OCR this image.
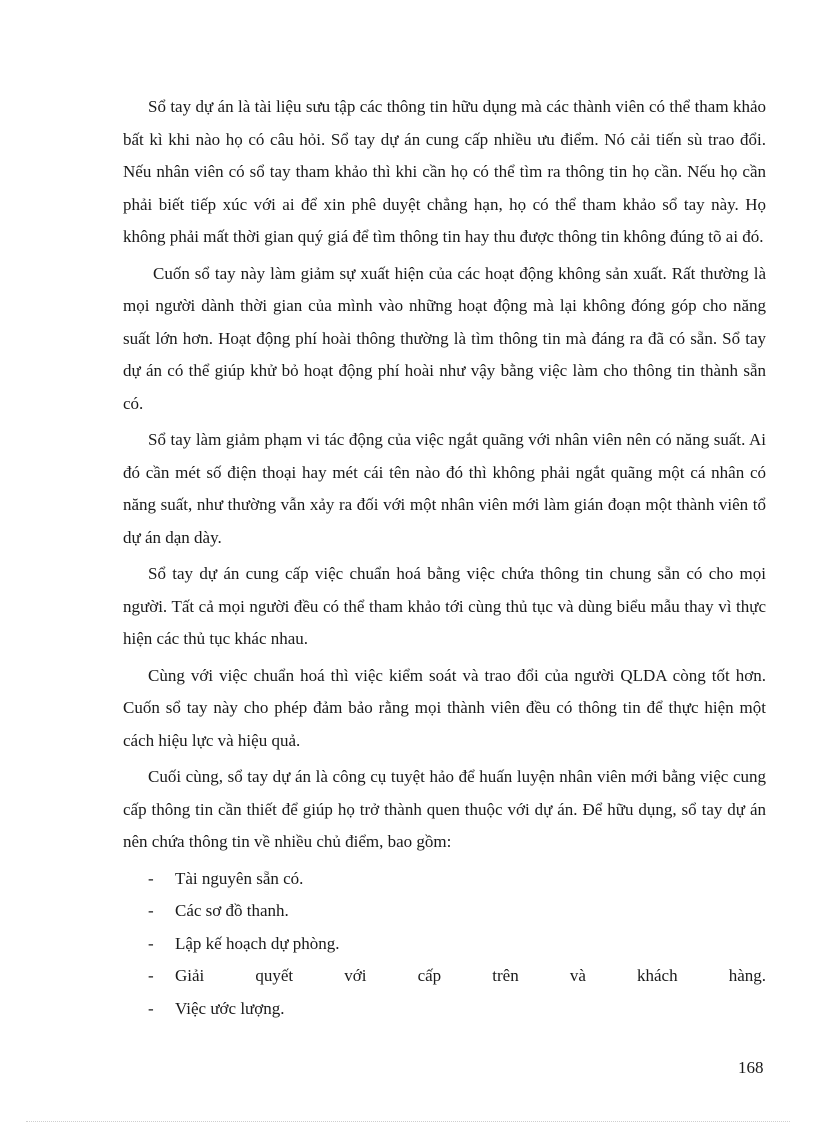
Sổ tay dự án là tài liệu sưu tập các thông tin hữu dụng mà các thành viên có thể tham khảo bất kì khi nào họ có câu hỏi. Sổ tay dự án cung cấp nhiều ưu điểm. Nó cải tiến sù trao đổi. Nếu nhân viên có sổ tay tham khảo thì khi cần họ có thể tìm ra thông tin họ cần. Nếu họ cần phải biết tiếp xúc với ai để xin phê duyệt chẳng hạn, họ có thể tham khảo sổ tay này. Họ không phải mất thời gian quý giá để tìm thông tin hay thu được thông tin không đúng tõ ai đó.

Cuốn sổ tay này làm giảm sự xuất hiện của các hoạt động không sản xuất. Rất thường là mọi người dành thời gian của mình vào những hoạt động mà lại không đóng góp cho năng suất lớn hơn. Hoạt động phí hoài thông thường là tìm thông tin mà đáng ra đã có sẵn. Sổ tay dự án có thể giúp khử bỏ hoạt động phí hoài như vậy bằng việc làm cho thông tin thành sẵn có.

Sổ tay làm giảm phạm vi tác động của việc ngắt quãng với nhân viên nên có năng suất. Ai đó cần mét số điện thoại hay mét cái tên nào đó thì không phải ngắt quãng một cá nhân có năng suất, như thường vẫn xảy ra đối với một nhân viên mới làm gián đoạn một thành viên tổ dự án dạn dày.

Sổ tay dự án cung cấp việc chuẩn hoá bằng việc chứa thông tin chung sẵn có cho mọi người. Tất cả mọi người đều có thể tham khảo tới cùng thủ tục và dùng biểu mẫu thay vì thực hiện các thủ tục khác nhau.

Cùng với việc chuẩn hoá thì việc kiểm soát và trao đổi của người QLDA còng tốt hơn. Cuốn sổ tay này cho phép đảm bảo rằng mọi thành viên đều có thông tin để thực hiện một cách hiệu lực và hiệu quả.

Cuối cùng, sổ tay dự án là công cụ tuyệt hảo để huấn luyện nhân viên mới bằng việc cung cấp thông tin cần thiết để giúp họ trở thành quen thuộc với dự án. Để hữu dụng, sổ tay dự án nên chứa thông tin về nhiều chủ điểm, bao gồm:

-	Tài nguyên sẵn có.
-	Các sơ đồ thanh.
-	Lập kế hoạch dự phòng.
-	Giải quyết với cấp trên và khách hàng.
-	Việc ước lượng.
168
